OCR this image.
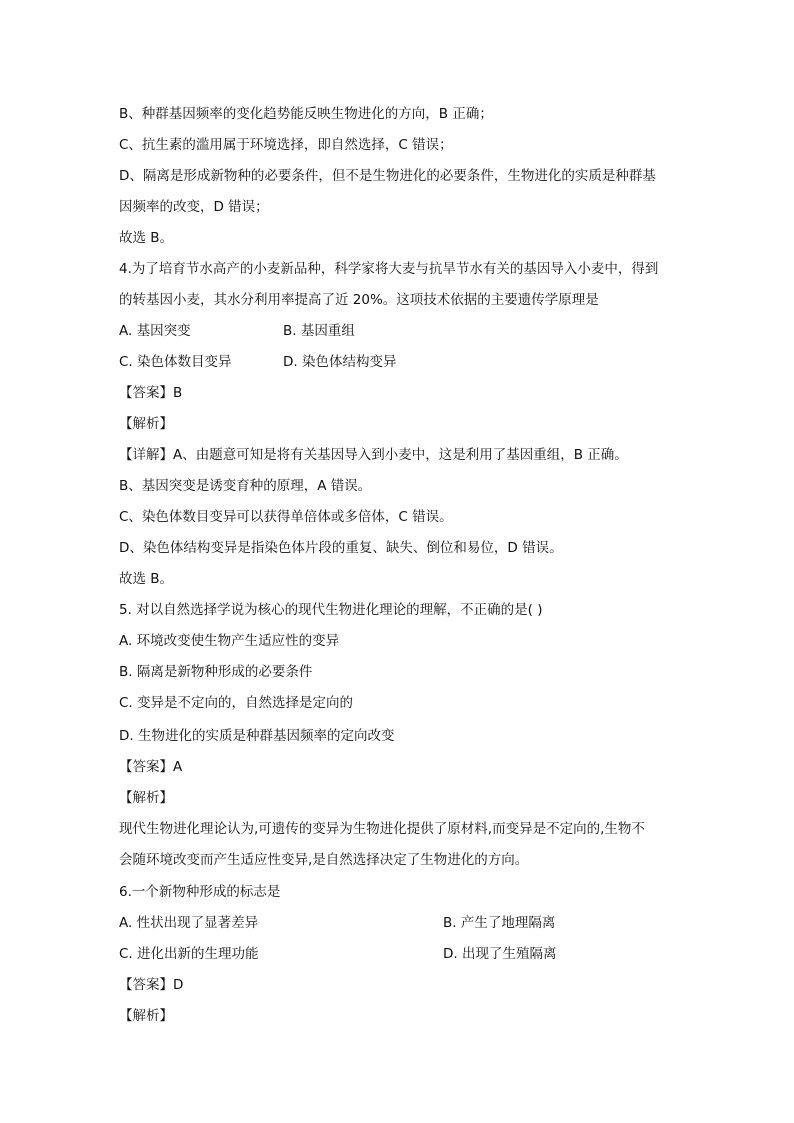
B、种群基因频率的变化趋势能反映生物进化的方向，B 正确；
C、抗生素的滥用属于环境选择，即自然选择，C 错误；
D、隔离是形成新物种的必要条件，但不是生物进化的必要条件，生物进化的实质是种群基
因频率的改变，D 错误；
故选 B。
4.为了培育节水高产的小麦新品种，科学家将大麦与抗旱节水有关的基因导入小麦中，得到
的转基因小麦，其水分利用率提高了近 20%。这项技术依据的主要遗传学原理是
A. 基因突变	B. 基因重组
C. 染色体数目变异	D. 染色体结构变异
【答案】B
【解析】
【详解】A、由题意可知是将有关基因导入到小麦中，这是利用了基因重组，B 正确。
B、基因突变是诱变育种的原理，A 错误。
C、染色体数目变异可以获得单倍体或多倍体，C 错误。
D、染色体结构变异是指染色体片段的重复、缺失、倒位和易位，D 错误。
故选 B。
5. 对以自然选择学说为核心的现代生物进化理论的理解，不正确的是( )
A. 环境改变使生物产生适应性的变异
B. 隔离是新物种形成的必要条件
C. 变异是不定向的，自然选择是定向的
D. 生物进化的实质是种群基因频率的定向改变
【答案】A
【解析】
现代生物进化理论认为,可遗传的变异为生物进化提供了原材料,而变异是不定向的,生物不
会随环境改变而产生适应性变异,是自然选择决定了生物进化的方向。
6.一个新物种形成的标志是
A. 性状出现了显著差异	B. 产生了地理隔离
C. 进化出新的生理功能	D. 出现了生殖隔离
【答案】D
【解析】
